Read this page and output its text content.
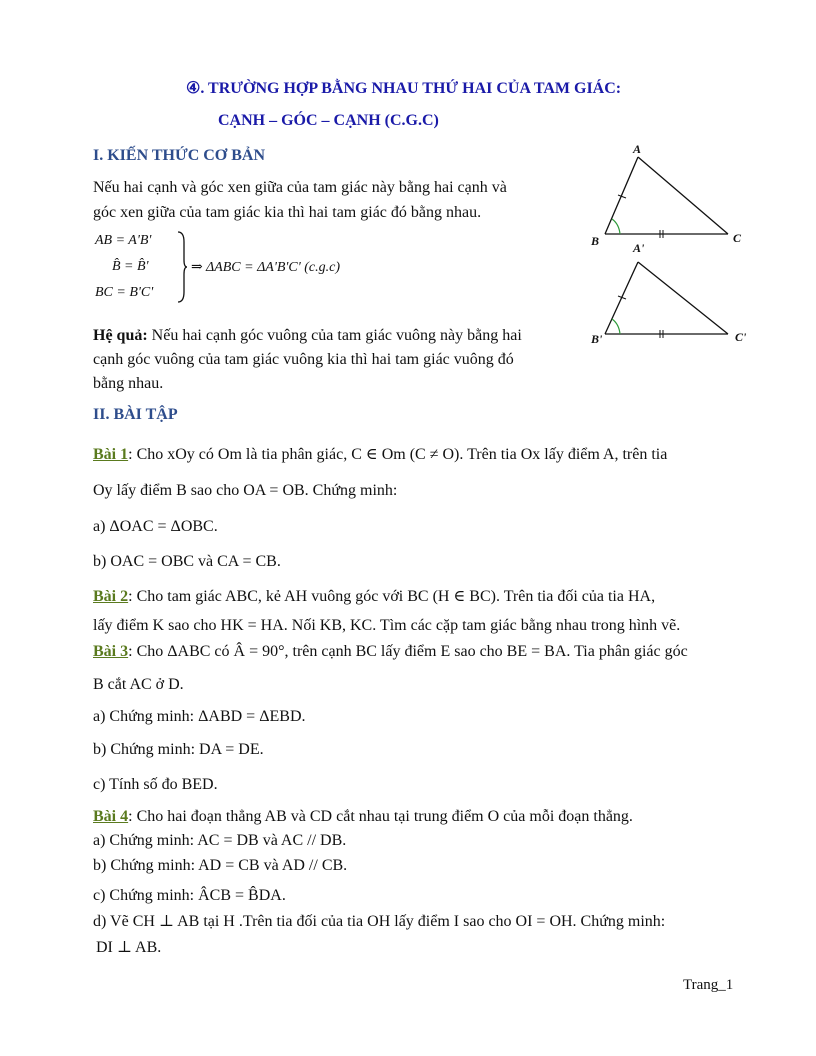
④. TRƯỜNG HỢP BẰNG NHAU THỨ HAI CỦA TAM GIÁC:
CẠNH – GÓC – CẠNH (C.G.C)
I. KIẾN THỨC CƠ BẢN
Nếu hai cạnh và góc xen giữa của tam giác này bằng hai cạnh và
góc xen giữa của tam giác kia thì hai tam giác đó bằng nhau.
AB = A'B'
B̂ = B̂'
BC = B'C'
⇒ ΔABC = ΔA'B'C' (c.g.c)
Hệ quả: Nếu hai cạnh góc vuông của tam giác vuông này bằng hai
cạnh góc vuông của tam giác vuông kia thì hai tam giác vuông đó
bằng nhau.
A
B	C
A'
B'	C'
II. BÀI TẬP
Bài 1: Cho xOy có Om là tia phân giác, C ∈ Om (C ≠ O). Trên tia Ox lấy điểm A, trên tia
Oy lấy điểm B sao cho OA = OB. Chứng minh:
a) ΔOAC = ΔOBC.
b) OAC = OBC và CA = CB.
Bài 2: Cho tam giác ABC, kẻ AH vuông góc với BC (H ∈ BC). Trên tia đối của tia HA,
lấy điểm K sao cho HK = HA. Nối KB, KC. Tìm các cặp tam giác bằng nhau trong hình vẽ.
Bài 3: Cho ΔABC có Â = 90°, trên cạnh BC lấy điểm E sao cho BE = BA. Tia phân giác góc
B cắt AC ở D.
a) Chứng minh: ΔABD = ΔEBD.
b) Chứng minh: DA = DE.
c) Tính số đo BED.
Bài 4: Cho hai đoạn thẳng AB và CD cắt nhau tại trung điểm O của mỗi đoạn thẳng.
a) Chứng minh: AC = DB và AC // DB.
b) Chứng minh: AD = CB và AD // CB.
c) Chứng minh: ÂCB = B̂DA.
d) Vẽ CH ⊥ AB tại H .Trên tia đối của tia OH lấy điểm I sao cho OI = OH. Chứng minh:
DI ⊥ AB.
Trang_1
